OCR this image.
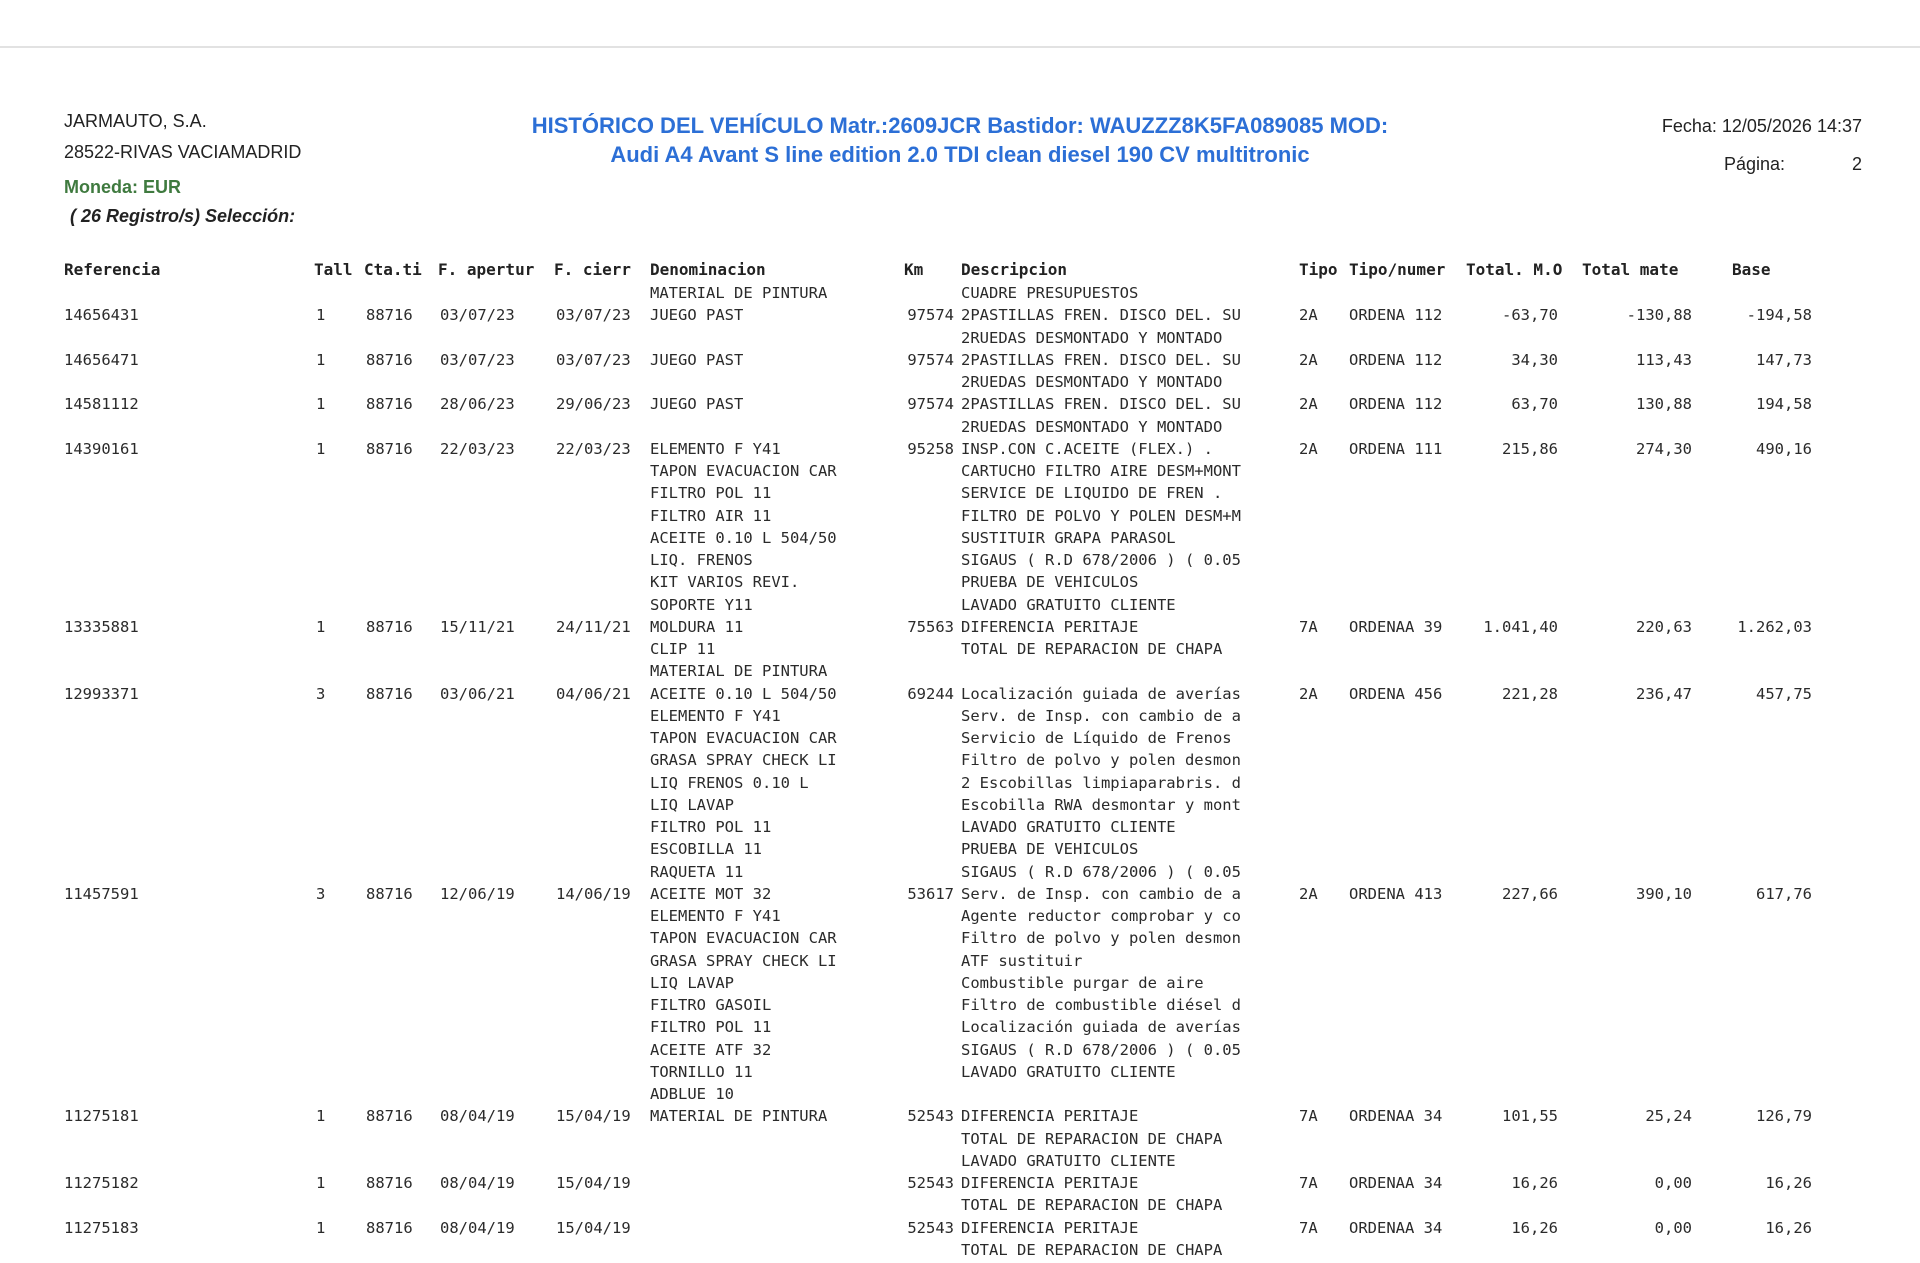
JARMAUTO, S.A.
28522-RIVAS VACIAMADRID
Moneda: EUR
( 26 Registro/s) Selección:
HISTÓRICO DEL VEHÍCULO Matr.:2609JCR Bastidor: WAUZZZ8K5FA089085 MOD:
Audi A4 Avant S line edition 2.0 TDI clean diesel 190 CV multitronic
Fecha: 12/05/2026 14:37
Página:	2
Referencia	Tall Cta.ti F. apertur F. cierr Denominacion	Km Descripcion	Tipo Tipo/numer Total. M.O Total mate	Base
MATERIAL DE PINTURA	CUADRE PRESUPUESTOS
14656431	1	88716 03/07/23	03/07/23 JUEGO PAST	97574 2PASTILLAS FREN. DISCO DEL. SU	2A ORDENA 112	-63,70	-130,88	-194,58
2RUEDAS DESMONTADO Y MONTADO
14656471	1	88716 03/07/23	03/07/23 JUEGO PAST	97574 2PASTILLAS FREN. DISCO DEL. SU	2A ORDENA 112	34,30	113,43	147,73
2RUEDAS DESMONTADO Y MONTADO
14581112	1	88716 28/06/23	29/06/23 JUEGO PAST	97574 2PASTILLAS FREN. DISCO DEL. SU	2A ORDENA 112	63,70	130,88	194,58
2RUEDAS DESMONTADO Y MONTADO
14390161	1	88716 22/03/23	22/03/23 ELEMENTO F Y41	95258 INSP.CON C.ACEITE (FLEX.) .	2A ORDENA 111	215,86	274,30	490,16
TAPON EVACUACION CAR	CARTUCHO FILTRO AIRE DESM+MONT
FILTRO POL 11	SERVICE DE LIQUIDO DE FREN .
FILTRO AIR 11	FILTRO DE POLVO Y POLEN DESM+M
ACEITE 0.10 L 504/50	SUSTITUIR GRAPA PARASOL
LIQ. FRENOS	SIGAUS ( R.D 678/2006 ) ( 0.05
KIT VARIOS REVI.	PRUEBA DE VEHICULOS
SOPORTE Y11	LAVADO GRATUITO CLIENTE
13335881	1	88716 15/11/21	24/11/21 MOLDURA 11	75563 DIFERENCIA PERITAJE	7A ORDENAA 39	1.041,40	220,63	1.262,03
CLIP 11	TOTAL DE REPARACION DE CHAPA
MATERIAL DE PINTURA
12993371	3	88716 03/06/21	04/06/21 ACEITE 0.10 L 504/50	69244 Localización guiada de averías	2A ORDENA 456	221,28	236,47	457,75
ELEMENTO F Y41	Serv. de Insp. con cambio de a
TAPON EVACUACION CAR	Servicio de Líquido de Frenos
GRASA SPRAY CHECK LI	Filtro de polvo y polen desmon
LIQ FRENOS 0.10 L	2 Escobillas limpiaparabris. d
LIQ LAVAP	Escobilla RWA desmontar y mont
FILTRO POL 11	LAVADO GRATUITO CLIENTE
ESCOBILLA 11	PRUEBA DE VEHICULOS
RAQUETA 11	SIGAUS ( R.D 678/2006 ) ( 0.05
11457591	3	88716 12/06/19	14/06/19 ACEITE MOT 32	53617 Serv. de Insp. con cambio de a	2A ORDENA 413	227,66	390,10	617,76
ELEMENTO F Y41	Agente reductor comprobar y co
TAPON EVACUACION CAR	Filtro de polvo y polen desmon
GRASA SPRAY CHECK LI	ATF sustituir
LIQ LAVAP	Combustible purgar de aire
FILTRO GASOIL	Filtro de combustible diésel d
FILTRO POL 11	Localización guiada de averías
ACEITE ATF 32	SIGAUS ( R.D 678/2006 ) ( 0.05
TORNILLO 11	LAVADO GRATUITO CLIENTE
ADBLUE 10
11275181	1	88716 08/04/19	15/04/19 MATERIAL DE PINTURA	52543 DIFERENCIA PERITAJE	7A ORDENAA 34	101,55	25,24	126,79
TOTAL DE REPARACION DE CHAPA
LAVADO GRATUITO CLIENTE
11275182	1	88716 08/04/19	15/04/19	52543 DIFERENCIA PERITAJE	7A ORDENAA 34	16,26	0,00	16,26
TOTAL DE REPARACION DE CHAPA
11275183	1	88716 08/04/19	15/04/19	52543 DIFERENCIA PERITAJE	7A ORDENAA 34	16,26	0,00	16,26
TOTAL DE REPARACION DE CHAPA
